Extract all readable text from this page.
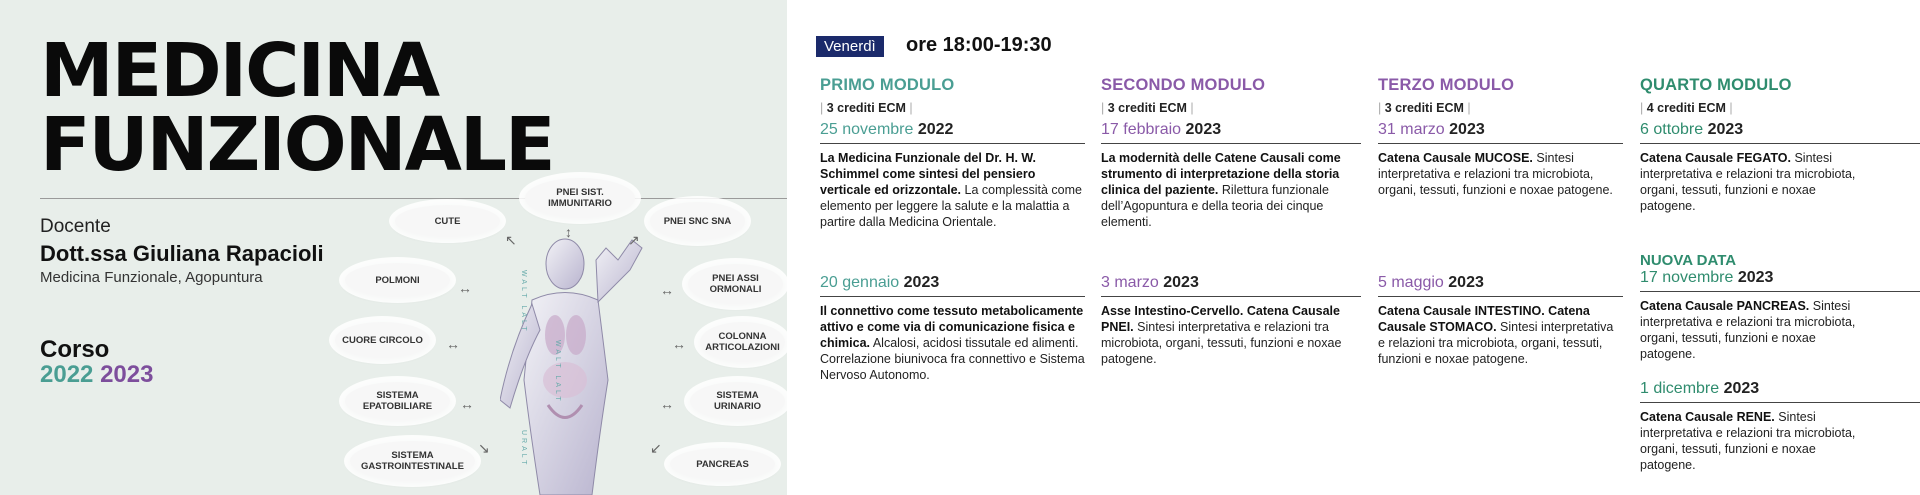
MEDICINA
FUNZIONALE
Docente
Dott.ssa Giuliana Rapacioli
Medicina Funzionale, Agopuntura
Corso
2022 2023
WALT LALT
WALT LALT
URALT
PNEI SIST. IMMUNITARIO
CUTE	PNEI SNC SNA
POLMONI	PNEI ASSI ORMONALI
CUORE CIRCOLO	COLONNA ARTICOLAZIONI
SISTEMA EPATOBILIARE
SISTEMA URINARIO
SISTEMA GASTROINTESTINALE	PANCREAS
↕
↖	↗
↔	↔
↔	↔
↔	↔
↘	↙
Venerdì	ore 18:00-19:30
PRIMO MODULO
| 3 crediti ECM |
25 novembre 2022
La Medicina Funzionale del Dr. H. W. Schimmel come sintesi del pensiero verticale ed orizzontale. La complessità come elemento per leggere la salute e la malattia a partire dalla Medicina Orientale.
20 gennaio 2023
Il connettivo come tessuto metabolicamente attivo e come via di comunicazione fisica e chimica. Alcalosi, acidosi tissutale ed alimenti. Correlazione biunivoca fra connettivo e Sistema Nervoso Autonomo.
SECONDO MODULO
| 3 crediti ECM |
17 febbraio 2023
La modernità delle Catene Causali come strumento di interpretazione della storia clinica del paziente. Rilettura funzionale dell’Agopuntura e della teoria dei cinque elementi.
3 marzo 2023
Asse Intestino-Cervello. Catena Causale PNEI. Sintesi interpretativa e relazioni tra microbiota, organi, tessuti, funzioni e noxae patogene.
TERZO MODULO
| 3 crediti ECM |
31 marzo 2023
Catena Causale MUCOSE. Sintesi interpretativa e relazioni tra microbiota, organi, tessuti, funzioni e noxae patogene.
5 maggio 2023
Catena Causale INTESTINO. Catena Causale STOMACO. Sintesi interpretativa e relazioni tra microbiota, organi, tessuti, funzioni e noxae patogene.
QUARTO MODULO
| 4 crediti ECM |
6 ottobre 2023
Catena Causale FEGATO. Sintesi interpretativa e relazioni tra microbiota, organi, tessuti, funzioni e noxae patogene.
NUOVA DATA
17 novembre 2023
Catena Causale PANCREAS. Sintesi interpretativa e relazioni tra microbiota, organi, tessuti, funzioni e noxae patogene.
1 dicembre 2023
Catena Causale RENE. Sintesi interpretativa e relazioni tra microbiota, organi, tessuti, funzioni e noxae patogene.
